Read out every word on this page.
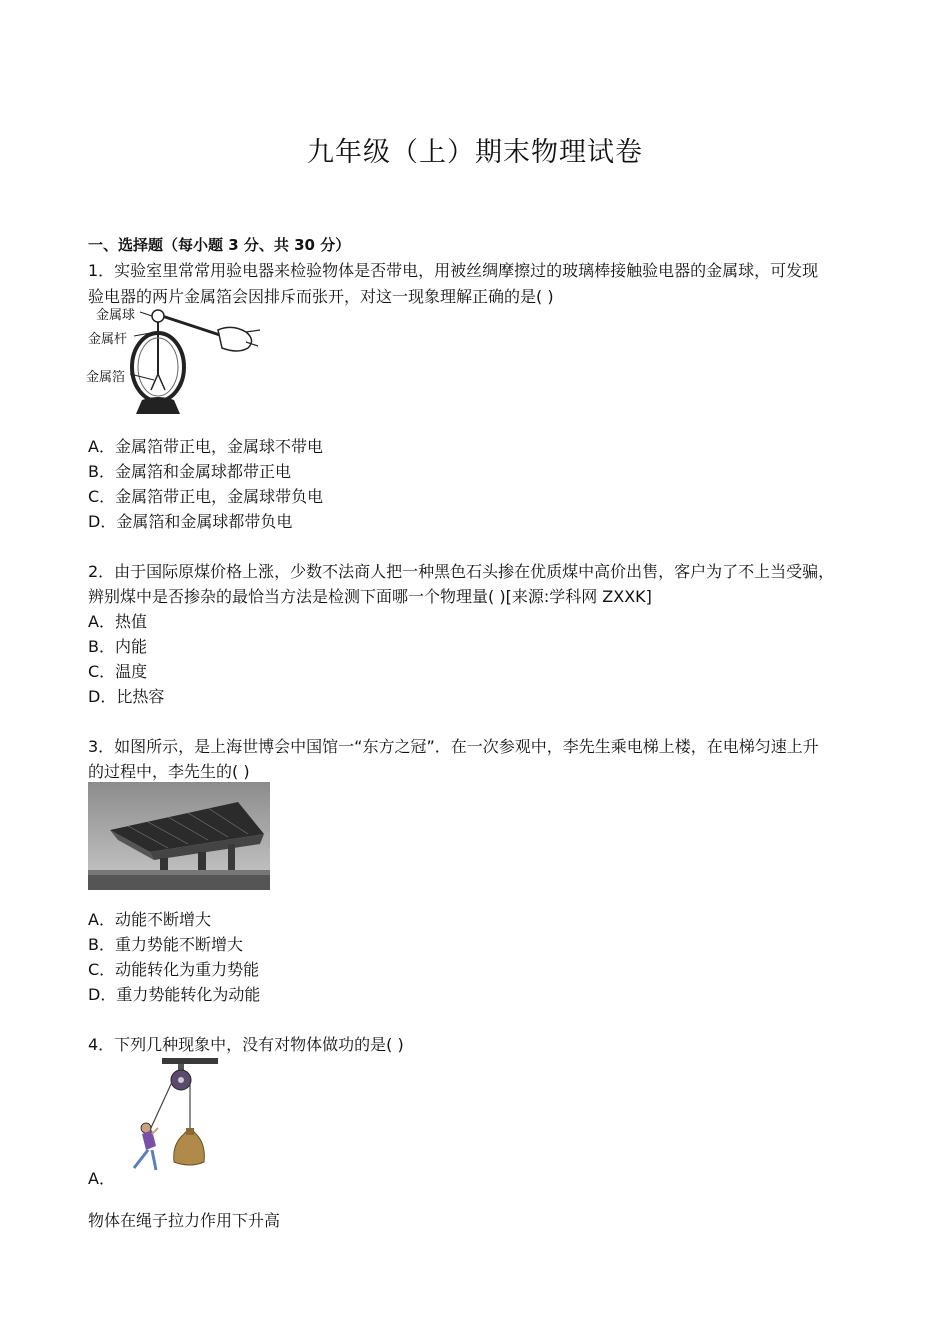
九年级（上）期末物理试卷
一、选择题（每小题 3 分、共 30 分）
1．实验室里常常用验电器来检验物体是否带电，用被丝绸摩擦过的玻璃棒接触验电器的金属球，可发现
验电器的两片金属箔会因排斥而张开，对这一现象理解正确的是( )
金属球
金属杆
金属箔
A．金属箔带正电，金属球不带电
B．金属箔和金属球都带正电
C．金属箔带正电，金属球带负电
D．金属箔和金属球都带负电
2．由于国际原煤价格上涨，少数不法商人把一种黑色石头掺在优质煤中高价出售，客户为了不上当受骗，
辨别煤中是否掺杂的最恰当方法是检测下面哪一个物理量( )[来源:学科网 ZXXK]
A．热值
B．内能
C．温度
D．比热容
3．如图所示，是上海世博会中国馆一“东方之冠”．在一次参观中，李先生乘电梯上楼，在电梯匀速上升
的过程中，李先生的( )
A．动能不断增大
B．重力势能不断增大
C．动能转化为重力势能
D．重力势能转化为动能
4．下列几种现象中，没有对物体做功的是( )
A．
物体在绳子拉力作用下升高
